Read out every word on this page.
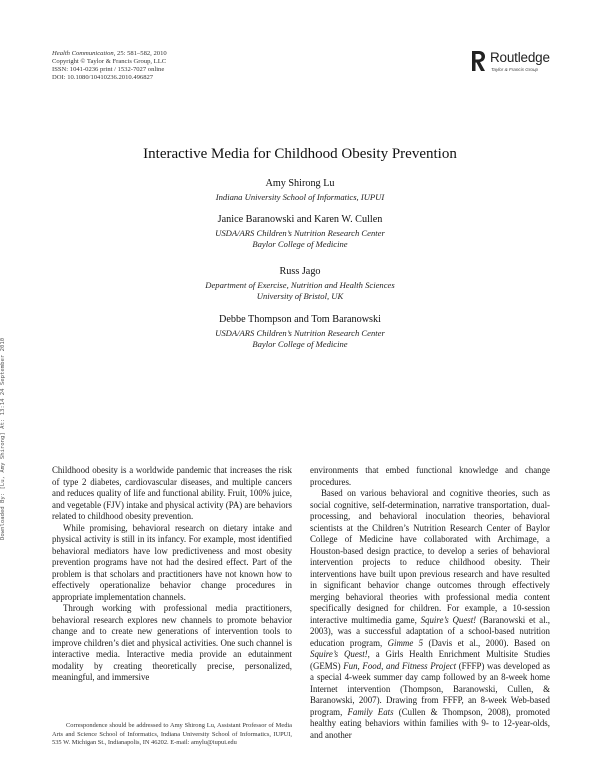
Health Communication, 25: 581–582, 2010
Copyright © Taylor & Francis Group, LLC
ISSN: 1041-0236 print / 1532-7027 online
DOI: 10.1080/10410236.2010.496827
Routledge
Taylor & Francis Group
Interactive Media for Childhood Obesity Prevention
Amy Shirong Lu
Indiana University School of Informatics, IUPUI
Janice Baranowski and Karen W. Cullen
USDA/ARS Children’s Nutrition Research Center
Baylor College of Medicine
Russ Jago
Department of Exercise, Nutrition and Health Sciences
University of Bristol, UK
Debbe Thompson and Tom Baranowski
USDA/ARS Children’s Nutrition Research Center
Baylor College of Medicine
Downloaded By: [Lu, Amy Shirong] At: 13:14 24 September 2010	Childhood obesity is a worldwide pandemic that increases the risk of type 2 diabetes, cardiovascular diseases, and multiple cancers and reduces quality of life and functional ability. Fruit, 100% juice, and vegetable (FJV) intake and physical activity (PA) are behaviors related to childhood obesity prevention.

While promising, behavioral research on dietary intake and physical activity is still in its infancy. For example, most identified behavioral mediators have low predictiveness and most obesity prevention programs have not had the desired effect. Part of the problem is that scholars and practitioners have not known how to effectively operationalize behavior change procedures in appropriate implementation channels.

Through working with professional media practitioners, behavioral research explores new channels to promote behavior change and to create new generations of intervention tools to improve children’s diet and physical activities. One such channel is interactive media. Interactive media provide an edutainment modality by creating theoretically precise, personalized, meaningful, and immersive

environments that embed functional knowledge and change procedures.

Based on various behavioral and cognitive theories, such as social cognitive, self-determination, narrative transportation, dual-processing, and behavioral inoculation theories, behavioral scientists at the Children’s Nutrition Research Center of Baylor College of Medicine have collaborated with Archimage, a Houston-based design practice, to develop a series of behavioral intervention projects to reduce childhood obesity. Their interventions have built upon previous research and have resulted in significant behavior change outcomes through effectively merging behavioral theories with professional media content specifically designed for children. For example, a 10-session interactive multimedia game, Squire’s Quest! (Baranowski et al., 2003), was a successful adaptation of a school-based nutrition education program, Gimme 5 (Davis et al., 2000). Based on Squire’s Quest!, a Girls Health Enrichment Multisite Studies (GEMS) Fun, Food, and Fitness Project (FFFP) was developed as a special 4-week summer day camp followed by an 8-week home Internet intervention (Thompson, Baranowski, Cullen, & Baranowski, 2007). Drawing from FFFP, an 8-week Web-based program, Family Eats (Cullen & Thompson, 2008), promoted healthy eating behaviors within families with 9- to 12-year-olds, and another

Correspondence should be addressed to Amy Shirong Lu, Assistant Professor of Media Arts and Science School of Informatics, Indiana University School of Informatics, IUPUI, 535 W. Michigan St., Indianapolis, IN 46202. E-mail: amylu@iupui.edu
